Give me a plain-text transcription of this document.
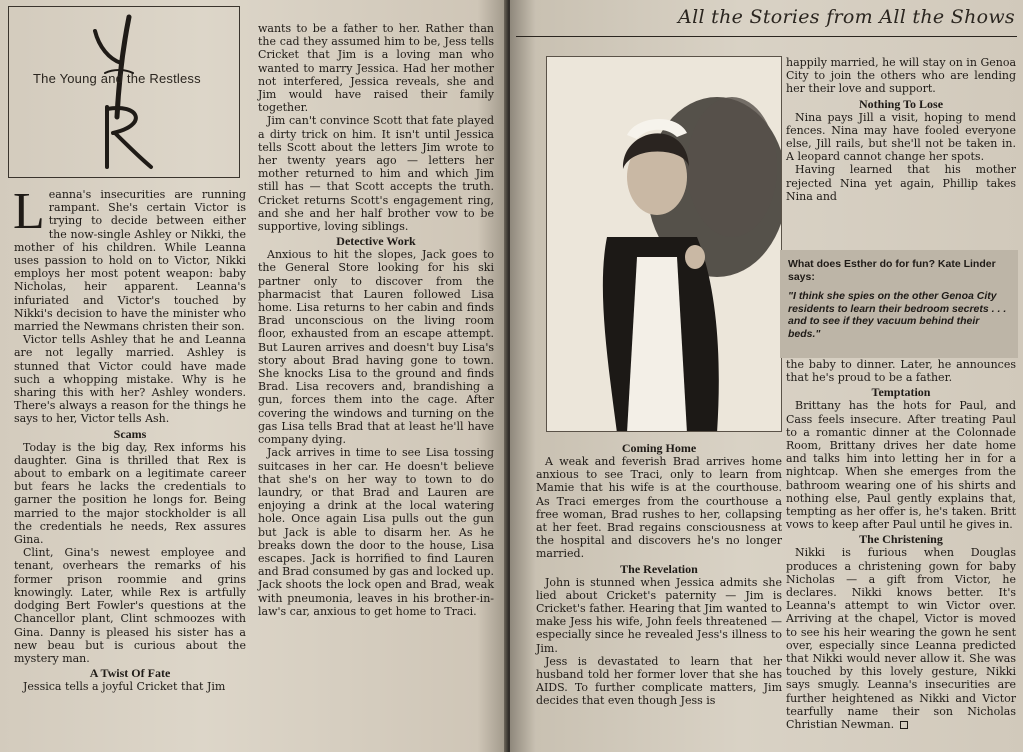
The Young and the Restless

Leanna's insecurities are running rampant. She's certain Victor is trying to decide between either the now-single Ashley or Nikki, the mother of his children. While Leanna uses passion to hold on to Victor, Nikki employs her most potent weapon: baby Nicholas, heir apparent. Leanna's infuriated and Victor's touched by Nikki's decision to have the minister who married the Newmans christen their son.

Victor tells Ashley that he and Leanna are not legally married. Ashley is stunned that Victor could have made such a whopping mistake. Why is he sharing this with her? Ashley wonders. There's always a reason for the things he says to her, Victor tells Ash.

Scams

Today is the big day, Rex informs his daughter. Gina is thrilled that Rex is about to embark on a legitimate career but fears he lacks the credentials to garner the position he longs for. Being married to the major stockholder is all the credentials he needs, Rex assures Gina.

Clint, Gina's newest employee and tenant, overhears the remarks of his former prison roommie and grins knowingly. Later, while Rex is artfully dodging Bert Fowler's questions at the Chancellor plant, Clint schmoozes with Gina. Danny is pleased his sister has a new beau but is curious about the mystery man.

A Twist Of Fate

Jessica tells a joyful Cricket that Jim

wants to be a father to her. Rather than the cad they assumed him to be, Jess tells Cricket that Jim is a loving man who wanted to marry Jessica. Had her mother not interfered, Jessica reveals, she and Jim would have raised their family together.

Jim can't convince Scott that fate played a dirty trick on him. It isn't until Jessica tells Scott about the letters Jim wrote to her twenty years ago — letters her mother returned to him and which Jim still has — that Scott accepts the truth. Cricket returns Scott's engagement ring, and she and her half brother vow to be supportive, loving siblings.

Detective Work

Anxious to hit the slopes, Jack goes to the General Store looking for his ski partner only to discover from the pharmacist that Lauren followed Lisa home. Lisa returns to her cabin and finds Brad unconscious on the living room floor, exhausted from an escape attempt. But Lauren arrives and doesn't buy Lisa's story about Brad having gone to town. She knocks Lisa to the ground and finds Brad. Lisa recovers and, brandishing a gun, forces them into the cage. After covering the windows and turning on the gas Lisa tells Brad that at least he'll have company dying.

Jack arrives in time to see Lisa tossing suitcases in her car. He doesn't believe that she's on her way to town to do laundry, or that Brad and Lauren are enjoying a drink at the local watering hole. Once again Lisa pulls out the gun but Jack is able to disarm her. As he breaks down the door to the house, Lisa escapes. Jack is horrified to find Lauren and Brad consumed by gas and locked up. Jack shoots the lock open and Brad, weak with pneumonia, leaves in his brother-in-law's car, anxious to get home to Traci.

All the Stories from All the Shows
Coming Home

A weak and feverish Brad arrives home anxious to see Traci, only to learn from Mamie that his wife is at the courthouse. As Traci emerges from the courthouse a free woman, Brad rushes to her, collapsing at her feet. Brad regains consciousness at the hospital and discovers he's no longer married.

The Revelation

John is stunned when Jessica admits she lied about Cricket's paternity — Jim is Cricket's father. Hearing that Jim wanted to make Jess his wife, John feels threatened — especially since he revealed Jess's illness to Jim.

Jess is devastated to learn that her husband told her former lover that she has AIDS. To further complicate matters, Jim decides that even though Jess is

happily married, he will stay on in Genoa City to join the others who are lending her their love and support.

Nothing To Lose

Nina pays Jill a visit, hoping to mend fences. Nina may have fooled everyone else, Jill rails, but she'll not be taken in. A leopard cannot change her spots.

Having learned that his mother rejected Nina yet again, Phillip takes Nina and

the baby to dinner. Later, he announces that he's proud to be a father.

Temptation

Brittany has the hots for Paul, and Cass feels insecure. After treating Paul to a romantic dinner at the Colonnade Room, Brittany drives her date home and talks him into letting her in for a nightcap. When she emerges from the bathroom wearing one of his shirts and nothing else, Paul gently explains that, tempting as her offer is, he's taken. Britt vows to keep after Paul until he gives in.

The Christening

Nikki is furious when Douglas produces a christening gown for baby Nicholas — a gift from Victor, he declares. Nikki knows better. It's Leanna's attempt to win Victor over. Arriving at the chapel, Victor is moved to see his heir wearing the gown he sent over, especially since Leanna predicted that Nikki would never allow it. She was touched by this lovely gesture, Nikki says smugly. Leanna's insecurities are further heightened as Nikki and Victor tearfully name their son Nicholas Christian Newman.

What does Esther do for fun? Kate Linder says:
"I think she spies on the other Genoa City residents to learn their bedroom secrets . . . and to see if they vacuum behind their beds."
